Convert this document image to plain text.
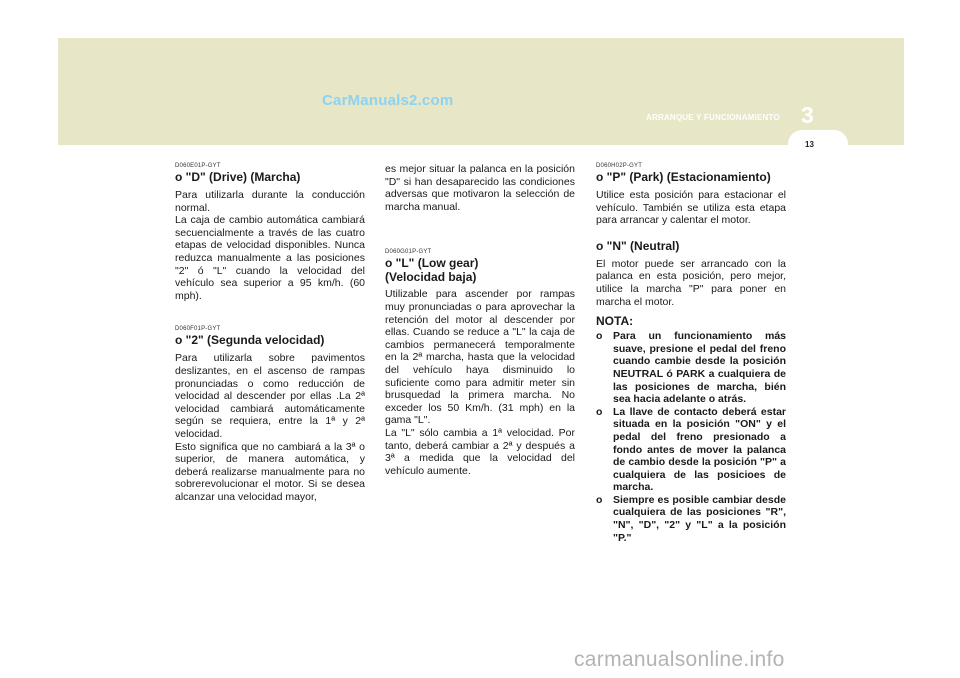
CarManuals2.com
ARRANQUE Y FUNCIONAMIENTO 3
13

D060E01P-GYT

o "D" (Drive) (Marcha)

Para utilizarla durante la conducción normal.
La caja de cambio automática cambiará secuencialmente a través de las cuatro etapas de velocidad disponibles. Nunca reduzca manualmente a las posiciones "2" ó "L" cuando la velocidad del vehículo sea superior a 95 km/h. (60 mph).

D060F01P-GYT

o "2" (Segunda velocidad)

Para utilizarla sobre pavimentos deslizantes, en el ascenso de rampas pronunciadas o como reducción de velocidad al descender por ellas .La 2ª velocidad cambiará automáticamente según se requiera, entre la 1ª y 2ª velocidad.
Esto significa que no cambiará a la 3ª o superior, de manera automática, y deberá realizarse manualmente para no sobrerevolucionar el motor. Si se desea alcanzar una velocidad mayor,

es mejor situar la palanca en la posición "D" si han desaparecido las condiciones adversas que motivaron la selección de marcha manual.

D060G01P-GYT

o "L" (Low gear)
(Velocidad baja)

Utilizable para ascender por rampas muy pronunciadas o para aprovechar la retención del motor al descender por ellas. Cuando se reduce a "L" la caja de cambios permanecerá temporalmente en la 2ª marcha, hasta que la velocidad del vehículo haya disminuido lo suficiente como para admitir meter sin brusquedad la primera marcha. No exceder los 50 Km/h. (31 mph) en la gama "L".
La "L" sólo cambia a 1ª velocidad. Por tanto, deberá cambiar a 2ª y después a 3ª a medida que la velocidad del vehículo aumente.

D060H02P-GYT

o "P" (Park) (Estacionamiento)

Utilice esta posición para estacionar el vehículo. También se utiliza esta etapa para arrancar y calentar el motor.

o "N" (Neutral)

El motor puede ser arrancado con la palanca en esta posición, pero mejor, utilice la marcha "P" para poner en marcha el motor.

NOTA:

o Para un funcionamiento más suave, presione el pedal del freno cuando cambie desde la posición NEUTRAL ó PARK a cualquiera de las posiciones de marcha, bién sea hacia adelante o atrás.
o La llave de contacto deberá estar situada en la posición "ON" y el pedal del freno presionado a fondo antes de mover la palanca de cambio desde la posición "P" a cualquiera de las posicioes de marcha.
o Siempre es posible cambiar desde cualquiera de las posiciones "R", "N", "D", "2" y "L" a la posición "P."
carmanualsonline.info
